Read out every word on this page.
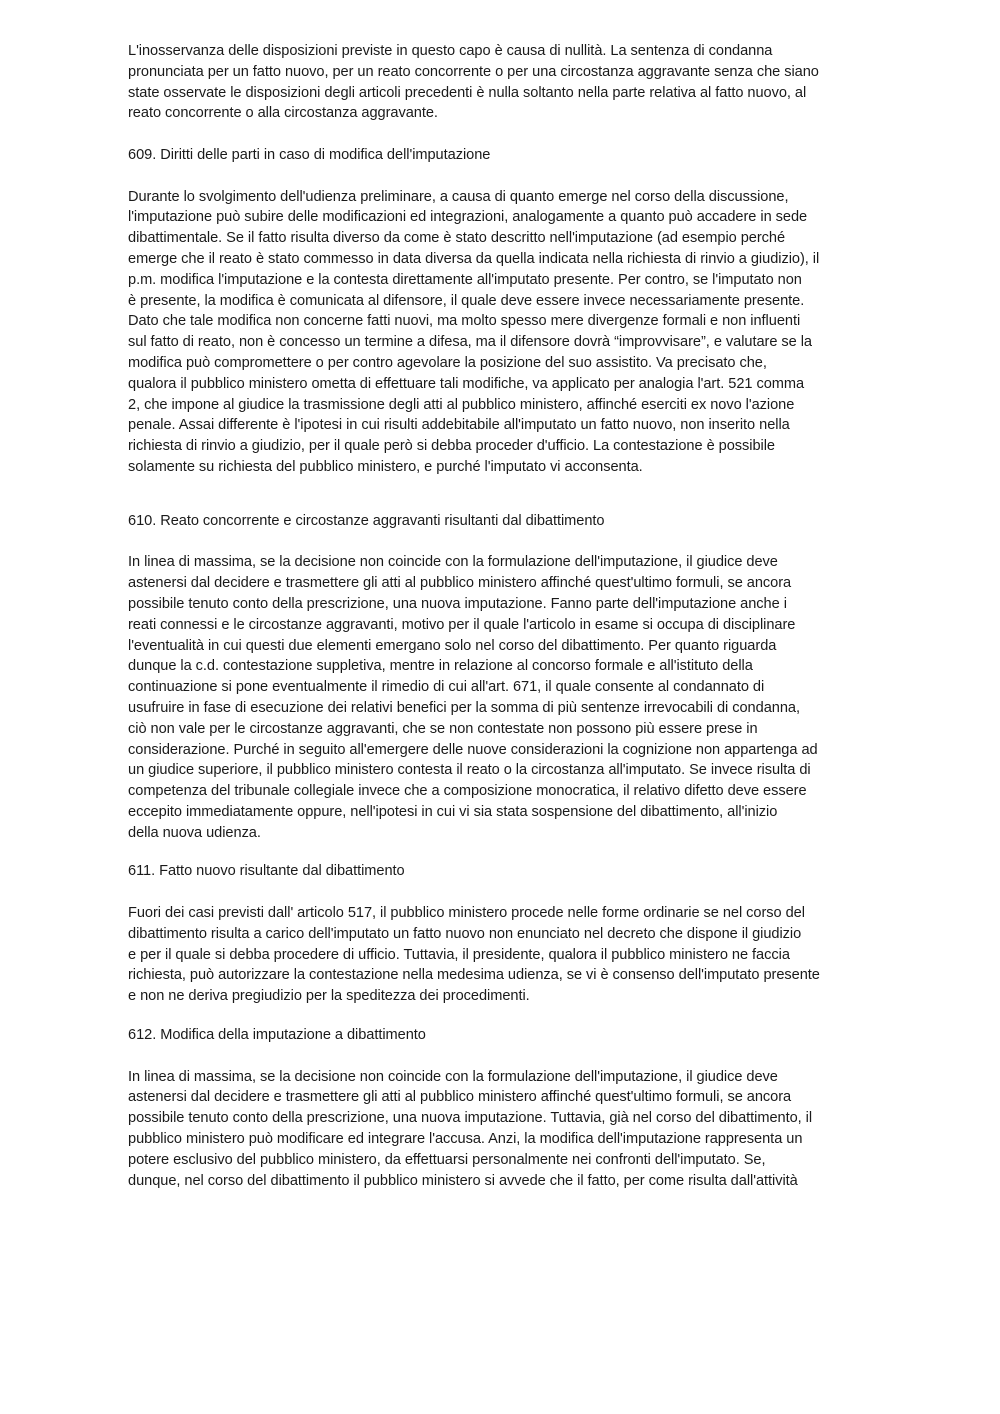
L'inosservanza delle disposizioni previste in questo capo è causa di nullità. La sentenza di condanna
pronunciata per un fatto nuovo, per un reato concorrente o per una circostanza aggravante senza che siano
state osservate le disposizioni degli articoli precedenti è nulla soltanto nella parte relativa al fatto nuovo, al
reato concorrente o alla circostanza aggravante.

609. Diritti delle parti in caso di modifica dell'imputazione

Durante lo svolgimento dell'udienza preliminare, a causa di quanto emerge nel corso della discussione,
l'imputazione può subire delle modificazioni ed integrazioni, analogamente a quanto può accadere in sede
dibattimentale. Se il fatto risulta diverso da come è stato descritto nell'imputazione (ad esempio perché
emerge che il reato è stato commesso in data diversa da quella indicata nella richiesta di rinvio a giudizio), il
p.m. modifica l'imputazione e la contesta direttamente all'imputato presente. Per contro, se l'imputato non
è presente, la modifica è comunicata al difensore, il quale deve essere invece necessariamente presente.
Dato che tale modifica non concerne fatti nuovi, ma molto spesso mere divergenze formali e non influenti
sul fatto di reato, non è concesso un termine a difesa, ma il difensore dovrà “improvvisare”, e valutare se la
modifica può compromettere o per contro agevolare la posizione del suo assistito. Va precisato che,
qualora il pubblico ministero ometta di effettuare tali modifiche, va applicato per analogia l'art. 521 comma
2, che impone al giudice la trasmissione degli atti al pubblico ministero, affinché eserciti ex novo l'azione
penale. Assai differente è l'ipotesi in cui risulti addebitabile all'imputato un fatto nuovo, non inserito nella
richiesta di rinvio a giudizio, per il quale però si debba proceder d'ufficio. La contestazione è possibile
solamente su richiesta del pubblico ministero, e purché l'imputato vi acconsenta.

610. Reato concorrente e circostanze aggravanti risultanti dal dibattimento

In linea di massima, se la decisione non coincide con la formulazione dell'imputazione, il giudice deve
astenersi dal decidere e trasmettere gli atti al pubblico ministero affinché quest'ultimo formuli, se ancora
possibile tenuto conto della prescrizione, una nuova imputazione. Fanno parte dell'imputazione anche i
reati connessi e le circostanze aggravanti, motivo per il quale l'articolo in esame si occupa di disciplinare
l'eventualità in cui questi due elementi emergano solo nel corso del dibattimento. Per quanto riguarda
dunque la c.d. contestazione suppletiva, mentre in relazione al concorso formale e all'istituto della
continuazione si pone eventualmente il rimedio di cui all'art. 671, il quale consente al condannato di
usufruire in fase di esecuzione dei relativi benefici per la somma di più sentenze irrevocabili di condanna,
ciò non vale per le circostanze aggravanti, che se non contestate non possono più essere prese in
considerazione. Purché in seguito all'emergere delle nuove considerazioni la cognizione non appartenga ad
un giudice superiore, il pubblico ministero contesta il reato o la circostanza all'imputato. Se invece risulta di
competenza del tribunale collegiale invece che a composizione monocratica, il relativo difetto deve essere
eccepito immediatamente oppure, nell'ipotesi in cui vi sia stata sospensione del dibattimento, all'inizio
della nuova udienza.

611. Fatto nuovo risultante dal dibattimento

Fuori dei casi previsti dall' articolo 517, il pubblico ministero procede nelle forme ordinarie se nel corso del
dibattimento risulta a carico dell'imputato un fatto nuovo non enunciato nel decreto che dispone il giudizio
e per il quale si debba procedere di ufficio. Tuttavia, il presidente, qualora il pubblico ministero ne faccia
richiesta, può autorizzare la contestazione nella medesima udienza, se vi è consenso dell'imputato presente
e non ne deriva pregiudizio per la speditezza dei procedimenti.

612. Modifica della imputazione a dibattimento

In linea di massima, se la decisione non coincide con la formulazione dell'imputazione, il giudice deve
astenersi dal decidere e trasmettere gli atti al pubblico ministero affinché quest'ultimo formuli, se ancora
possibile tenuto conto della prescrizione, una nuova imputazione. Tuttavia, già nel corso del dibattimento, il
pubblico ministero può modificare ed integrare l'accusa. Anzi, la modifica dell'imputazione rappresenta un
potere esclusivo del pubblico ministero, da effettuarsi personalmente nei confronti dell'imputato. Se,
dunque, nel corso del dibattimento il pubblico ministero si avvede che il fatto, per come risulta dall'attività
